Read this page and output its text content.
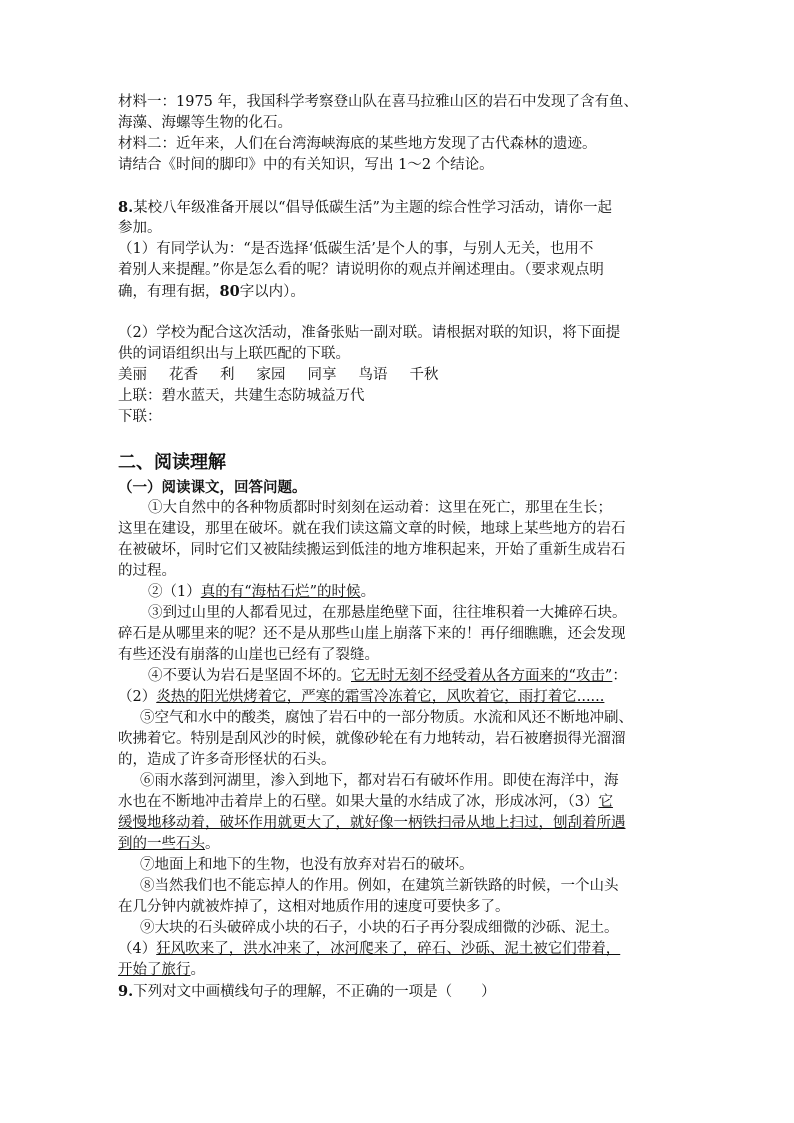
材料一：1975 年，我国科学考察登山队在喜马拉雅山区的岩石中发现了含有鱼、
海藻、海螺等生物的化石。
材料二：近年来，人们在台湾海峡海底的某些地方发现了古代森林的遗迹。
请结合《时间的脚印》中的有关知识，写出 1～2 个结论。
8.某校八年级准备开展以“倡导低碳生活”为主题的综合性学习活动，请你一起
参加。
（1）有同学认为：“是否选择‘低碳生活’是个人的事，与别人无关，也用不
着别人来提醒。”你是怎么看的呢？请说明你的观点并阐述理由。（要求观点明
确，有理有据，80字以内）。
（2）学校为配合这次活动，准备张贴一副对联。请根据对联的知识，将下面提
供的词语组织出与上联匹配的下联。
美丽 花香 利 家园 同享 鸟语 千秋
上联：碧水蓝天，共建生态防城益万代
下联：
二、阅读理解
（一）阅读课文，回答问题。
①大自然中的各种物质都时时刻刻在运动着：这里在死亡，那里在生长；
这里在建设，那里在破坏。就在我们读这篇文章的时候，地球上某些地方的岩石
在被破坏，同时它们又被陆续搬运到低洼的地方堆积起来，开始了重新生成岩石
的过程。
②（1）真的有“海枯石烂”的时候。
③到过山里的人都看见过，在那悬崖绝壁下面，往往堆积着一大摊碎石块。
碎石是从哪里来的呢？还不是从那些山崖上崩落下来的！再仔细瞧瞧，还会发现
有些还没有崩落的山崖也已经有了裂缝。
④不要认为岩石是坚固不坏的。它无时无刻不经受着从各方面来的“攻击”：
（2）炎热的阳光烘烤着它，严寒的霜雪冷冻着它，风吹着它，雨打着它......
⑤空气和水中的酸类，腐蚀了岩石中的一部分物质。水流和风还不断地冲刷、
吹拂着它。特别是刮风沙的时候，就像砂轮在有力地转动，岩石被磨损得光溜溜
的，造成了许多奇形怪状的石头。
⑥雨水落到河湖里，渗入到地下，都对岩石有破坏作用。即使在海洋中，海
水也在不断地冲击着岸上的石壁。如果大量的水结成了冰，形成冰河，（3）它
缓慢地移动着，破坏作用就更大了，就好像一柄铁扫帚从地上扫过，刨刮着所遇
到的一些石头。
⑦地面上和地下的生物，也没有放弃对岩石的破坏。
⑧当然我们也不能忘掉人的作用。例如，在建筑兰新铁路的时候，一个山头
在几分钟内就被炸掉了，这相对地质作用的速度可要快多了。
⑨大块的石头破碎成小块的石子，小块的石子再分裂成细微的沙砾、泥土。
（4）狂风吹来了，洪水冲来了，冰河爬来了，碎石、沙砾、泥土被它们带着，
开始了旅行。
9.下列对文中画横线句子的理解，不正确的一项是（　　）
